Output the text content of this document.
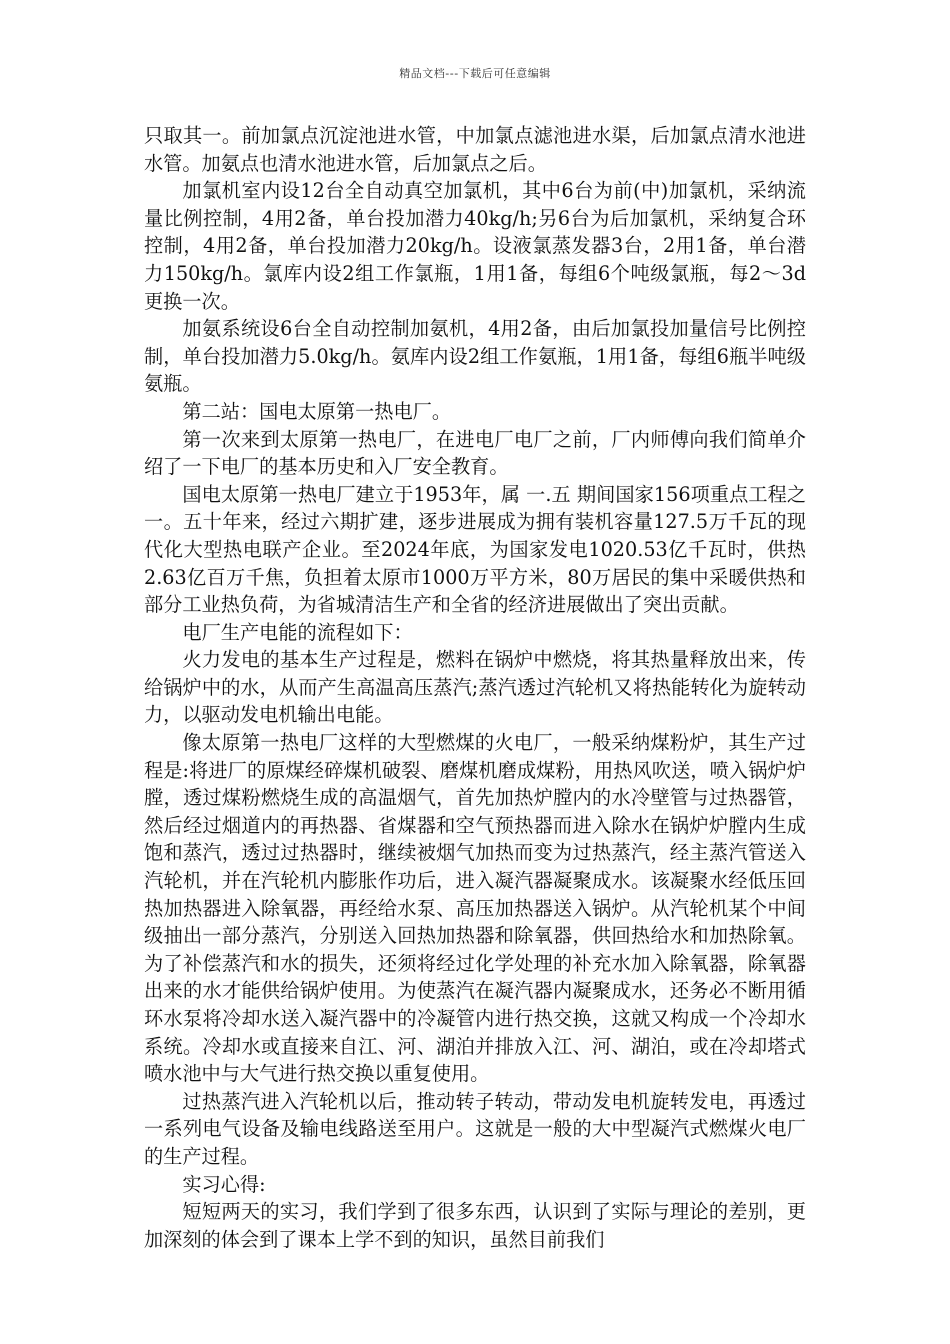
精品文档---下载后可任意编辑

只取其一。前加氯点沉淀池进水管，中加氯点滤池进水渠，后加氯点清水池进水管。加氨点也清水池进水管，后加氯点之后。

加氯机室内设12台全自动真空加氯机，其中6台为前(中)加氯机，采纳流量比例控制，4用2备，单台投加潜力40kg/h;另6台为后加氯机，采纳复合环控制，4用2备，单台投加潜力20kg/h。设液氯蒸发器3台，2用1备，单台潜力150kg/h。氯库内设2组工作氯瓶，1用1备，每组6个吨级氯瓶，每2～3d更换一次。

加氨系统设6台全自动控制加氨机，4用2备，由后加氯投加量信号比例控制，单台投加潜力5.0kg/h。氨库内设2组工作氨瓶，1用1备，每组6瓶半吨级氨瓶。

第二站：国电太原第一热电厂。

第一次来到太原第一热电厂，在进电厂电厂之前，厂内师傅向我们简单介绍了一下电厂的基本历史和入厂安全教育。

国电太原第一热电厂建立于1953年，属 一.五 期间国家156项重点工程之一。五十年来，经过六期扩建，逐步进展成为拥有装机容量127.5万千瓦的现代化大型热电联产企业。至2024年底，为国家发电1020.53亿千瓦时，供热2.63亿百万千焦，负担着太原市1000万平方米，80万居民的集中采暖供热和部分工业热负荷，为省城清洁生产和全省的经济进展做出了突出贡献。

电厂生产电能的流程如下：

火力发电的基本生产过程是，燃料在锅炉中燃烧，将其热量释放出来，传给锅炉中的水，从而产生高温高压蒸汽;蒸汽透过汽轮机又将热能转化为旋转动力，以驱动发电机输出电能。

像太原第一热电厂这样的大型燃煤的火电厂，一般采纳煤粉炉，其生产过程是:将进厂的原煤经碎煤机破裂、磨煤机磨成煤粉，用热风吹送，喷入锅炉炉膛，透过煤粉燃烧生成的高温烟气，首先加热炉膛内的水冷壁管与过热器管，然后经过烟道内的再热器、省煤器和空气预热器而进入除水在锅炉炉膛内生成饱和蒸汽，透过过热器时，继续被烟气加热而变为过热蒸汽，经主蒸汽管送入汽轮机，并在汽轮机内膨胀作功后，进入凝汽器凝聚成水。该凝聚水经低压回热加热器进入除氧器，再经给水泵、高压加热器送入锅炉。从汽轮机某个中间级抽出一部分蒸汽，分别送入回热加热器和除氧器，供回热给水和加热除氧。为了补偿蒸汽和水的损失，还须将经过化学处理的补充水加入除氧器，除氧器出来的水才能供给锅炉使用。为使蒸汽在凝汽器内凝聚成水，还务必不断用循环水泵将冷却水送入凝汽器中的冷凝管内进行热交换，这就又构成一个冷却水系统。冷却水或直接来自江、河、湖泊并排放入江、河、湖泊，或在冷却塔式喷水池中与大气进行热交换以重复使用。

过热蒸汽进入汽轮机以后，推动转子转动，带动发电机旋转发电，再透过一系列电气设备及输电线路送至用户。这就是一般的大中型凝汽式燃煤火电厂的生产过程。

实习心得:

短短两天的实习，我们学到了很多东西，认识到了实际与理论的差别，更加深刻的体会到了课本上学不到的知识，虽然目前我们
